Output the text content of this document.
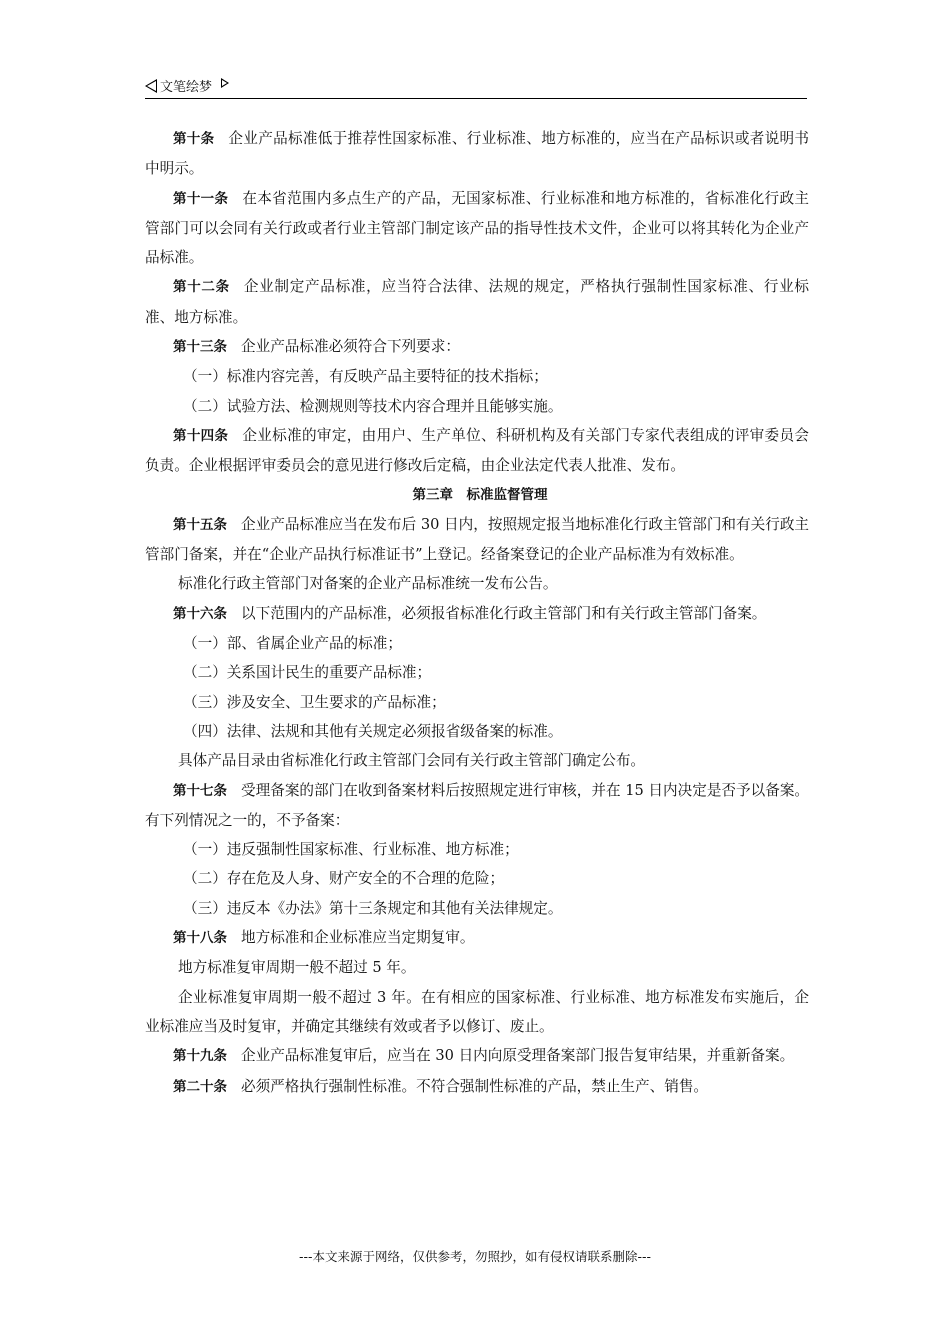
文笔绘梦

第十条 企业产品标准低于推荐性国家标准、行业标准、地方标准的，应当在产品标识或者说明书中明示。

第十一条 在本省范围内多点生产的产品，无国家标准、行业标准和地方标准的，省标准化行政主管部门可以会同有关行政或者行业主管部门制定该产品的指导性技术文件，企业可以将其转化为企业产品标准。

第十二条 企业制定产品标准，应当符合法律、法规的规定，严格执行强制性国家标准、行业标准、地方标准。

第十三条 企业产品标准必须符合下列要求：

（一）标准内容完善，有反映产品主要特征的技术指标；

（二）试验方法、检测规则等技术内容合理并且能够实施。

第十四条 企业标准的审定，由用户、生产单位、科研机构及有关部门专家代表组成的评审委员会负责。企业根据评审委员会的意见进行修改后定稿，由企业法定代表人批准、发布。

第三章　标准监督管理

第十五条 企业产品标准应当在发布后 30 日内，按照规定报当地标准化行政主管部门和有关行政主管部门备案，并在“企业产品执行标准证书”上登记。经备案登记的企业产品标准为有效标准。

标准化行政主管部门对备案的企业产品标准统一发布公告。

第十六条 以下范围内的产品标准，必须报省标准化行政主管部门和有关行政主管部门备案。

（一）部、省属企业产品的标准；

（二）关系国计民生的重要产品标准；

（三）涉及安全、卫生要求的产品标准；

（四）法律、法规和其他有关规定必须报省级备案的标准。

具体产品目录由省标准化行政主管部门会同有关行政主管部门确定公布。

第十七条 受理备案的部门在收到备案材料后按照规定进行审核，并在 15 日内决定是否予以备案。有下列情况之一的，不予备案：

（一）违反强制性国家标准、行业标准、地方标准；

（二）存在危及人身、财产安全的不合理的危险；

（三）违反本《办法》第十三条规定和其他有关法律规定。

第十八条 地方标准和企业标准应当定期复审。

地方标准复审周期一般不超过 5 年。

企业标准复审周期一般不超过 3 年。在有相应的国家标准、行业标准、地方标准发布实施后，企业标准应当及时复审，并确定其继续有效或者予以修订、废止。

第十九条 企业产品标准复审后，应当在 30 日内向原受理备案部门报告复审结果，并重新备案。

第二十条 必须严格执行强制性标准。不符合强制性标准的产品，禁止生产、销售。

---本文来源于网络，仅供参考，勿照抄，如有侵权请联系删除---
